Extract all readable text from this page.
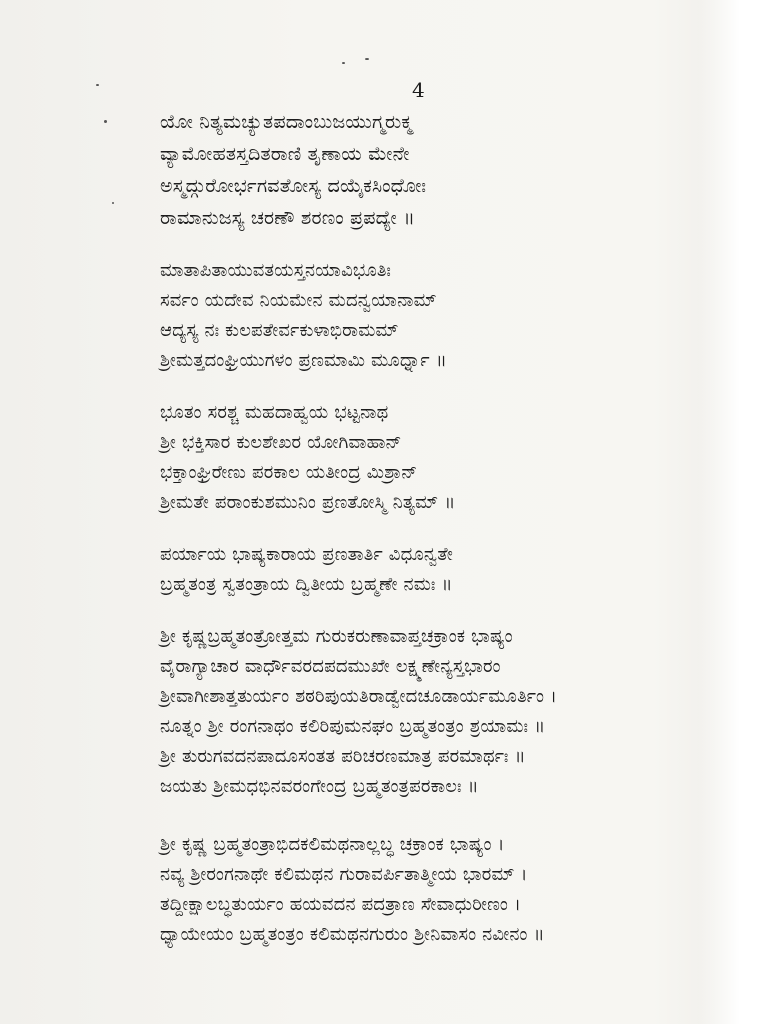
4
ಯೋ ನಿತ್ಯಮಚ್ಯುತಪದಾಂಬುಜಯುಗ್ಮರುಕ್ಮ
ವ್ಯಾಮೋಹತಸ್ತದಿತರಾಣಿ ತೃಣಾಯ ಮೇನೇ
ಅಸ್ಮದ್ಗುರೋರ್ಭಗವತೋಸ್ಯ ದಯೈಕಸಿಂಧೋಃ
ರಾಮಾನುಜಸ್ಯ ಚರಣೌ ಶರಣಂ ಪ್ರಪದ್ಯೇ ॥
ಮಾತಾಪಿತಾಯುವತಯಸ್ತನಯಾವಿಭೂತಿಃ
ಸರ್ವಂ ಯದೇವ ನಿಯಮೇನ ಮದನ್ವಯಾನಾಮ್
ಆದ್ಯಸ್ಯ ನಃ ಕುಲಪತೇರ್ವಕುಳಾಭಿರಾಮಮ್
ಶ್ರೀಮತ್ತದಂಘ್ರಿಯುಗಳಂ ಪ್ರಣಮಾಮಿ ಮೂರ್ಧ್ನಾ ॥
ಭೂತಂ ಸರಶ್ಚ ಮಹದಾಹ್ವಯ ಭಟ್ಟನಾಥ
ಶ್ರೀ ಭಕ್ತಿಸಾರ ಕುಲಶೇಖರ ಯೋಗಿವಾಹಾನ್
ಭಕ್ತಾಂಘ್ರಿರೇಣು ಪರಕಾಲ ಯತೀಂದ್ರ ಮಿಶ್ರಾನ್
ಶ್ರೀಮತೇ ಪರಾಂಕುಶಮುನಿಂ ಪ್ರಣತೋಸ್ಮಿ ನಿತ್ಯಮ್ ॥
ಪರ್ಯಾಯ ಭಾಷ್ಯಕಾರಾಯ ಪ್ರಣತಾರ್ತಿ ವಿಧೂನ್ವತೇ
ಬ್ರಹ್ಮತಂತ್ರ ಸ್ವತಂತ್ರಾಯ ದ್ವಿತೀಯ ಬ್ರಹ್ಮಣೇ ನಮಃ ॥
ಶ್ರೀ ಕೃಷ್ಣಬ್ರಹ್ಮತಂತ್ರೋತ್ತಮ ಗುರುಕರುಣಾವಾಪ್ತಚಕ್ರಾಂಕ ಭಾಷ್ಯಂ
ವೈರಾಗ್ಯಾಚಾರ ವಾರ್ಧೌವರದಪದಮುಖೇ ಲಕ್ಷ್ಮಣೇನ್ಯಸ್ತಭಾರಂ
ಶ್ರೀವಾಗೀಶಾತ್ತತುರ್ಯಂ ಶಠರಿಪುಯತಿರಾಡ್ವೇದಚೂಡಾರ್ಯಮೂರ್ತಿಂ ।
ನೂತ್ನಂ ಶ್ರೀ ರಂಗನಾಥಂ ಕಲಿರಿಪುಮನಘಂ ಬ್ರಹ್ಮತಂತ್ರಂ ಶ್ರಯಾಮಃ ॥
ಶ್ರೀ ತುರುಗವದನಪಾದೂಸಂತತ ಪರಿಚರಣಮಾತ್ರ ಪರಮಾರ್ಥಃ ॥
ಜಯತು ಶ್ರೀಮಧಭಿನವರಂಗೇಂದ್ರ ಬ್ರಹ್ಮತಂತ್ರಪರಕಾಲಃ ॥
ಶ್ರೀ ಕೃಷ್ಣ ಬ್ರಹ್ಮತಂತ್ರಾಭಿದಕಲಿಮಥನಾಲ್ಲಬ್ಧ ಚಕ್ರಾಂಕ ಭಾಷ್ಯಂ ।
ನವ್ಯ ಶ್ರೀರಂಗನಾಥೇ ಕಲಿಮಥನ ಗುರಾವರ್ಪಿತಾತ್ಮೀಯ ಭಾರಮ್ ।
ತದ್ದೀಕ್ಷಾಲಬ್ಧತುರ್ಯಂ ಹಯವದನ ಪದತ್ರಾಣ ಸೇವಾಧುರೀಣಂ ।
ಧ್ಯಾಯೇಯಂ ಬ್ರಹ್ಮತಂತ್ರಂ ಕಲಿಮಥನಗುರುಂ ಶ್ರೀನಿವಾಸಂ ನವೀನಂ ॥
